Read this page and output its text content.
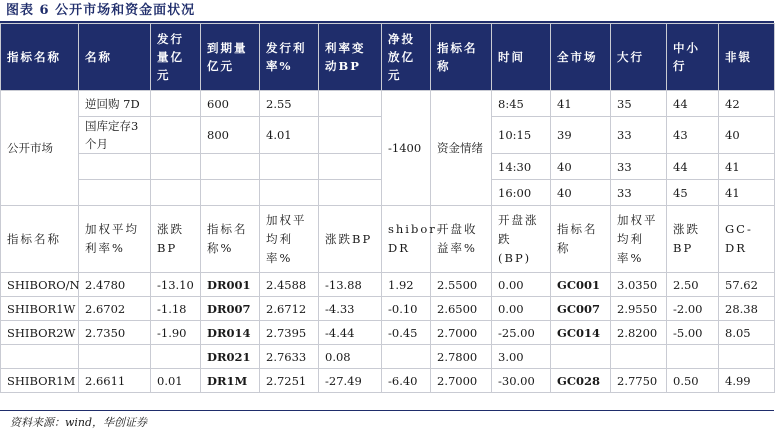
图表 6 公开市场和资金面状况
指标名称	名称	发行量亿元	到期量亿元	发行利率%	利率变动BP	净投放亿元	指标名称	时间	全市场	大行	中小行	非银
公开市场	逆回购 7D		600	2.55		-1400	资金情绪	8:45	41	35	44	42
	国库定存3个月		800	4.01				10:15	39	33	43	40
								14:30	40	33	44	41
								16:00	40	33	45	41
指标名称	加权平均利率%	涨跌BP	指标名称%	加权平均利率%	涨跌BP	shibor-DR	开盘收益率%	开盘涨跌(BP)	指标名称	加权平均利率%	涨跌BP	GC-DR
SHIBORO/N	2.4780	-13.10	DR001	2.4588	-13.88	1.92	2.5500	0.00	GC001	3.0350	2.50	57.62
SHIBOR1W	2.6702	-1.18	DR007	2.6712	-4.33	-0.10	2.6500	0.00	GC007	2.9550	-2.00	28.38
SHIBOR2W	2.7350	-1.90	DR014	2.7395	-4.44	-0.45	2.7000	-25.00	GC014	2.8200	-5.00	8.05
			DR021	2.7633	0.08		2.7800	3.00				
SHIBOR1M	2.6611	0.01	DR1M	2.7251	-27.49	-6.40	2.7000	-30.00	GC028	2.7750	0.50	4.99
资料来源：wind，华创证券
